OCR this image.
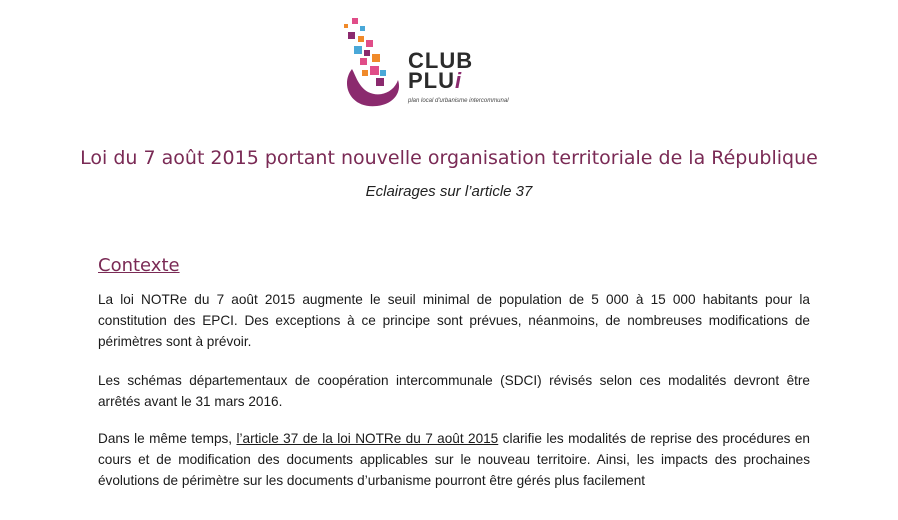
CLUB
PLUi
plan local d'urbanisme intercommunal
Loi du 7 août 2015 portant nouvelle organisation territoriale de la République
Eclairages sur l’article 37
Contexte

La loi NOTRe du 7 août 2015 augmente le seuil minimal de population de 5 000 à 15 000 habitants pour la constitution des EPCI. Des exceptions à ce principe sont prévues, néanmoins, de nombreuses modifications de périmètres sont à prévoir.

Les schémas départementaux de coopération intercommunale (SDCI) révisés selon ces modalités devront être arrêtés avant le 31 mars 2016.

Dans le même temps, l’article 37 de la loi NOTRe du 7 août 2015 clarifie les modalités de reprise des procédures en cours et de modification des documents applicables sur le nouveau territoire. Ainsi, les impacts des prochaines évolutions de périmètre sur les documents d’urbanisme pourront être gérés plus facilement
